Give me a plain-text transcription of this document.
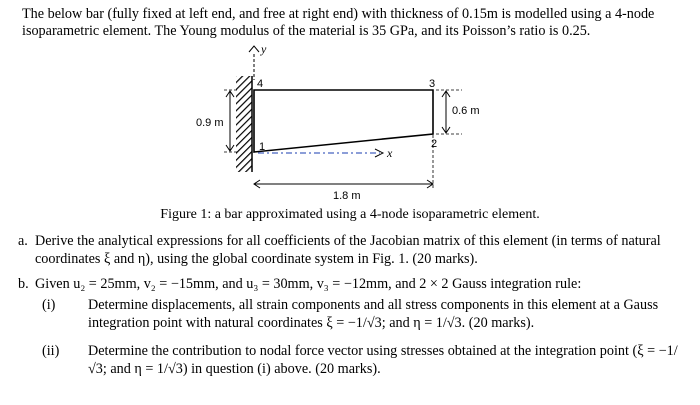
The below bar (fully fixed at left end, and free at right end) with thickness of 0.15m is modelled using a 4-node isoparametric element. The Young modulus of the material is 35 GPa, and its Poisson’s ratio is 0.25.
y
4	3
1	2
x
0.9 m
0.6 m
1.8 m
Figure 1: a bar approximated using a 4-node isoparametric element.
a. Derive the analytical expressions for all coefficients of the Jacobian matrix of this element (in terms of natural coordinates ξ and η), using the global coordinate system in Fig. 1. (20 marks).
b. Given u₂ = 25mm, v₂ = −15mm, and u₃ = 30mm, v₃ = −12mm, and 2 × 2 Gauss integration rule:
(i) Determine displacements, all strain components and all stress components in this element at a Gauss integration point with natural coordinates ξ = −1/√3; and η = 1/√3. (20 marks).
(ii) Determine the contribution to nodal force vector using stresses obtained at the integration point (ξ = −1/√3; and η = 1/√3) in question (i) above. (20 marks).
